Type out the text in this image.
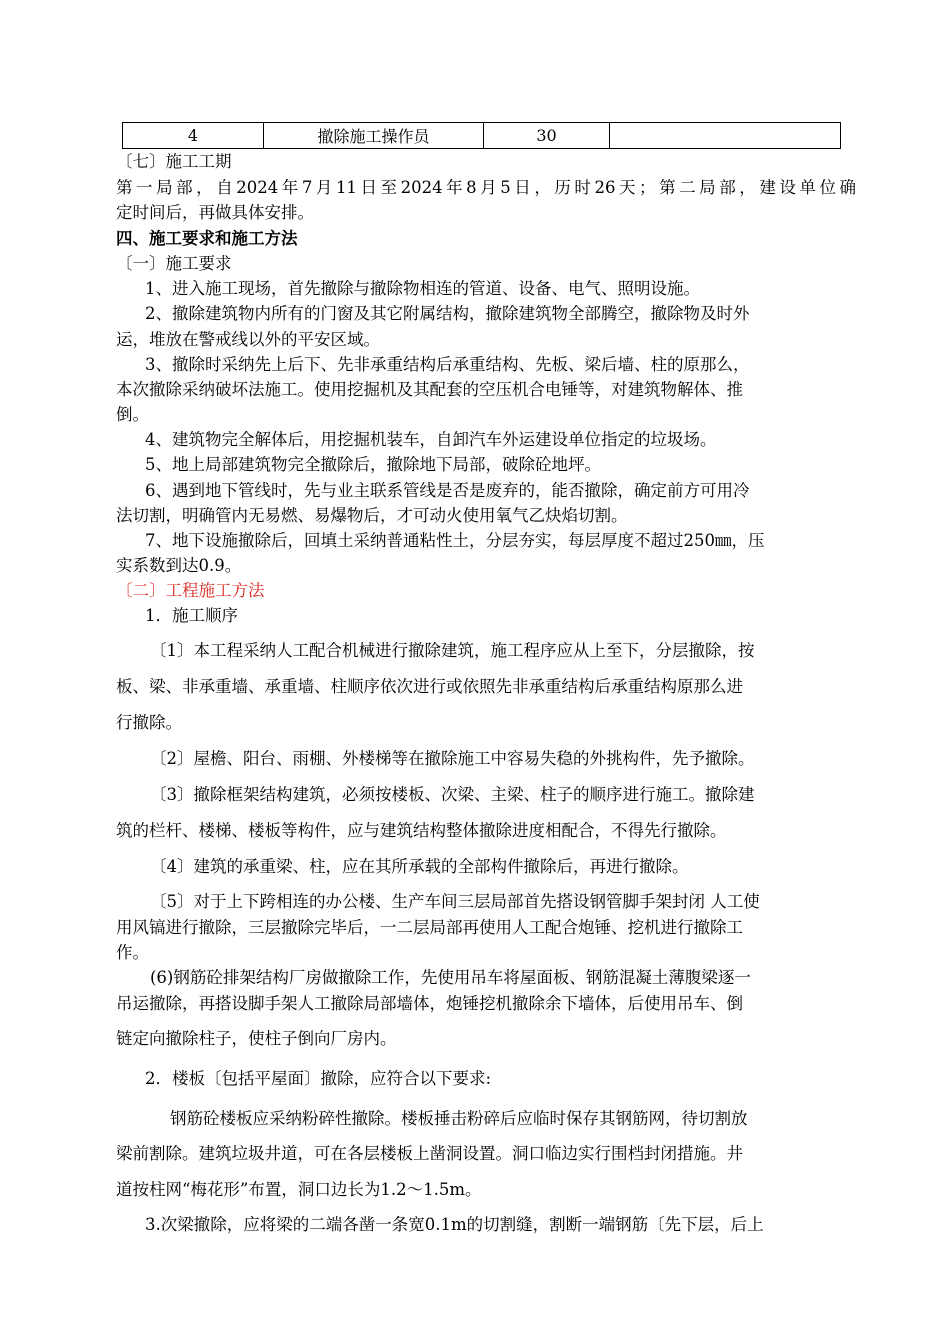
4	撤除施工操作员	30	
〔七〕施工工期
第一局部，自2024年7月11日至2024年8月5日，历时26天；第二局部，建设单位确
定时间后，再做具体安排。
四、施工要求和施工方法
〔一〕施工要求
1、进入施工现场，首先撤除与撤除物相连的管道、设备、电气、照明设施。
2、撤除建筑物内所有的门窗及其它附属结构，撤除建筑物全部腾空，撤除物及时外
运，堆放在警戒线以外的平安区域。
3、撤除时采纳先上后下、先非承重结构后承重结构、先板、梁后墙、柱的原那么，
本次撤除采纳破坏法施工。使用挖掘机及其配套的空压机合电锤等，对建筑物解体、推
倒。
4、建筑物完全解体后，用挖掘机装车，自卸汽车外运建设单位指定的垃圾场。
5、地上局部建筑物完全撤除后，撤除地下局部，破除砼地坪。
6、遇到地下管线时，先与业主联系管线是否是废弃的，能否撤除，确定前方可用冷
法切割，明确管内无易燃、易爆物后，才可动火使用氧气乙炔焰切割。
7、地下设施撤除后，回填土采纳普通粘性土，分层夯实，每层厚度不超过250㎜，压
实系数到达0.9。
〔二〕工程施工方法
1．施工顺序
〔1〕本工程采纳人工配合机械进行撤除建筑，施工程序应从上至下，分层撤除，按
板、梁、非承重墙、承重墙、柱顺序依次进行或依照先非承重结构后承重结构原那么进
行撤除。
〔2〕屋檐、阳台、雨棚、外楼梯等在撤除施工中容易失稳的外挑构件，先予撤除。
〔3〕撤除框架结构建筑，必须按楼板、次梁、主梁、柱子的顺序进行施工。撤除建
筑的栏杆、楼梯、楼板等构件，应与建筑结构整体撤除进度相配合，不得先行撤除。
〔4〕建筑的承重梁、柱，应在其所承载的全部构件撤除后，再进行撤除。
〔5〕对于上下跨相连的办公楼、生产车间三层局部首先搭设钢管脚手架封闭 人工使
用风镐进行撤除，三层撤除完毕后，一二层局部再使用人工配合炮锤、挖机进行撤除工
作。
(6)钢筋砼排架结构厂房做撤除工作，先使用吊车将屋面板、钢筋混凝土薄腹梁逐一
吊运撤除，再搭设脚手架人工撤除局部墙体，炮锤挖机撤除余下墙体，后使用吊车、倒
链定向撤除柱子，使柱子倒向厂房内。
2．楼板〔包括平屋面〕撤除，应符合以下要求:
钢筋砼楼板应采纳粉碎性撤除。楼板捶击粉碎后应临时保存其钢筋网，待切割放
梁前割除。建筑垃圾井道，可在各层楼板上凿洞设置。洞口临边实行围档封闭措施。井
道按柱网“梅花形”布置，洞口边长为1.2～1.5m。
3.次梁撤除，应将梁的二端各凿一条宽0.1m的切割缝，割断一端钢筋〔先下层，后上
